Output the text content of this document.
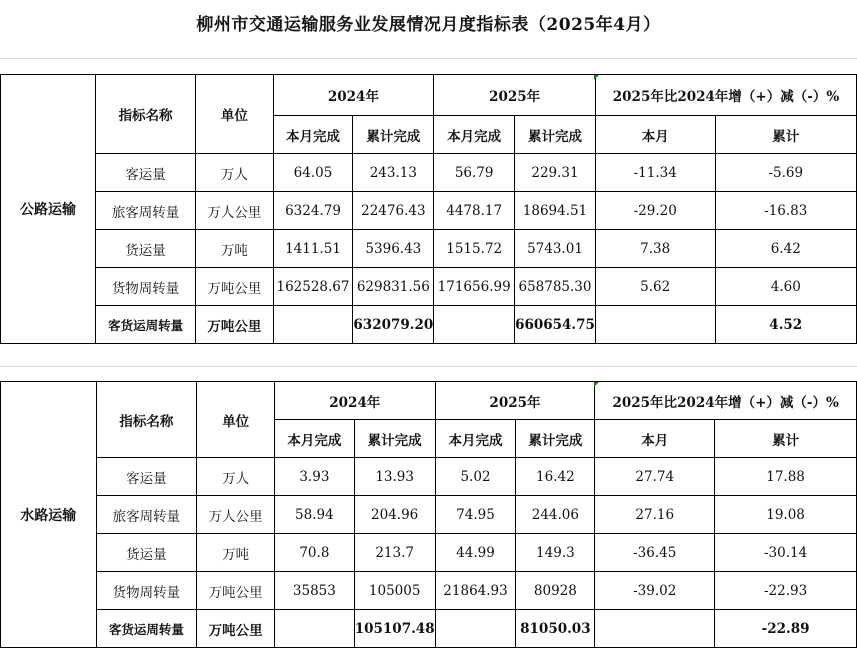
柳州市交通运输服务业发展情况月度指标表（2025年4月）
公路运输	指标名称	单位	2024年		2025年		2025年比2024年增（+）减（-）%	
			本月完成	累计完成	本月完成	累计完成	本月	累计
	客运量	万人	64.05	243.13	56.79	229.31	-11.34	-5.69
	旅客周转量	万人公里	6324.79	22476.43	4478.17	18694.51	-29.20	-16.83
	货运量	万吨	1411.51	5396.43	1515.72	5743.01	7.38	6.42
	货物周转量	万吨公里	162528.67	629831.56	171656.99	658785.30	5.62	4.60
	客货运周转量	万吨公里		632079.20		660654.75		4.52
水路运输	指标名称	单位	2024年		2025年		2025年比2024年增（+）减（-）%	
			本月完成	累计完成	本月完成	累计完成	本月	累计
	客运量	万人	3.93	13.93	5.02	16.42	27.74	17.88
	旅客周转量	万人公里	58.94	204.96	74.95	244.06	27.16	19.08
	货运量	万吨	70.8	213.7	44.99	149.3	-36.45	-30.14
	货物周转量	万吨公里	35853	105005	21864.93	80928	-39.02	-22.93
	客货运周转量	万吨公里		105107.48		81050.03		-22.89
